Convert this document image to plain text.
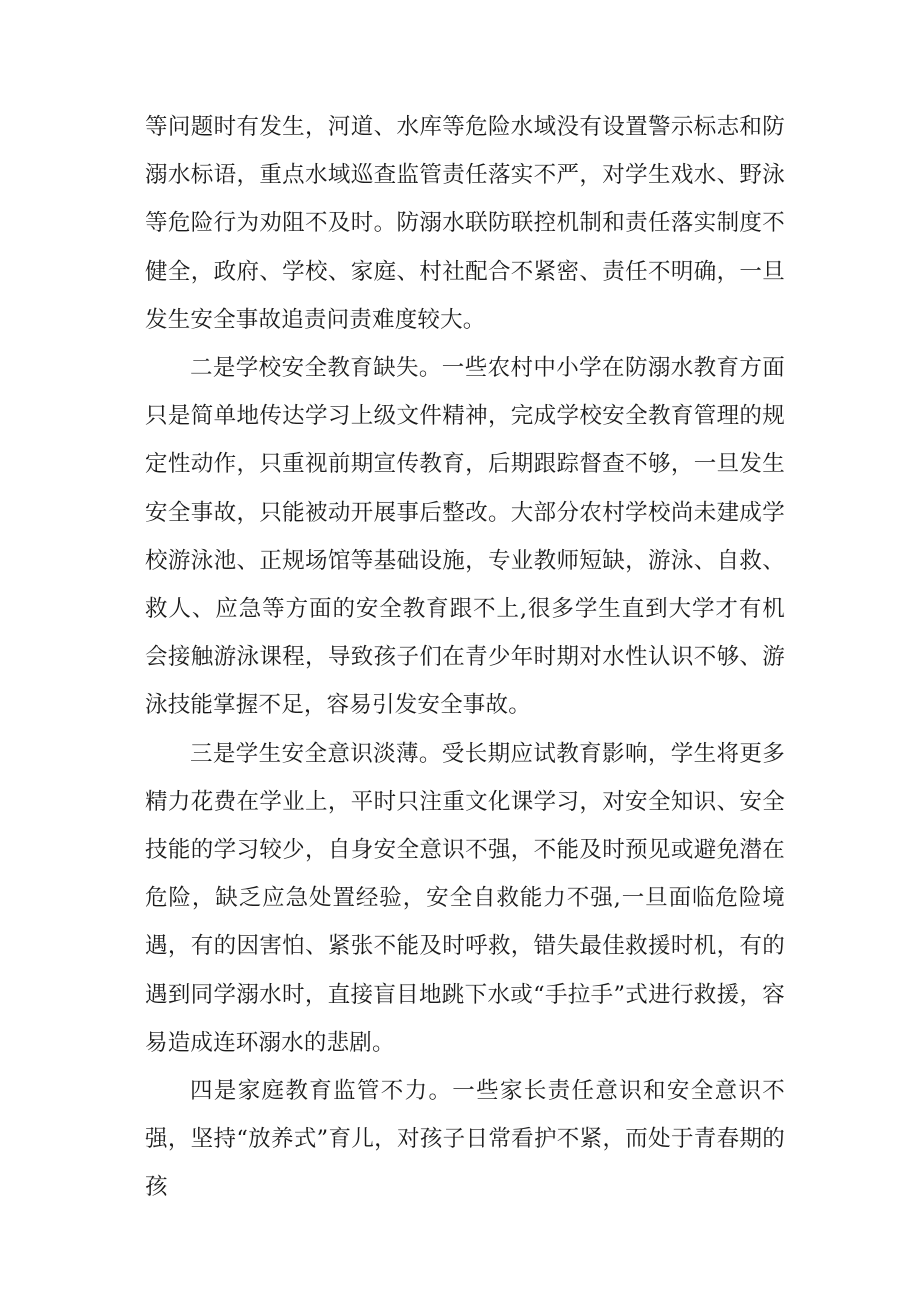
等问题时有发生，河道、水库等危险水域没有设置警示标志和防溺水标语，重点水域巡查监管责任落实不严，对学生戏水、野泳等危险行为劝阻不及时。防溺水联防联控机制和责任落实制度不健全，政府、学校、家庭、村社配合不紧密、责任不明确，一旦发生安全事故追责问责难度较大。

二是学校安全教育缺失。一些农村中小学在防溺水教育方面只是简单地传达学习上级文件精神，完成学校安全教育管理的规定性动作，只重视前期宣传教育，后期跟踪督查不够，一旦发生安全事故，只能被动开展事后整改。大部分农村学校尚未建成学校游泳池、正规场馆等基础设施，专业教师短缺，游泳、自救、救人、应急等方面的安全教育跟不上,很多学生直到大学才有机会接触游泳课程，导致孩子们在青少年时期对水性认识不够、游泳技能掌握不足，容易引发安全事故。

三是学生安全意识淡薄。受长期应试教育影响，学生将更多精力花费在学业上，平时只注重文化课学习，对安全知识、安全技能的学习较少，自身安全意识不强，不能及时预见或避免潜在危险，缺乏应急处置经验，安全自救能力不强,一旦面临危险境遇，有的因害怕、紧张不能及时呼救，错失最佳救援时机，有的遇到同学溺水时，直接盲目地跳下水或“手拉手”式进行救援，容易造成连环溺水的悲剧。

四是家庭教育监管不力。一些家长责任意识和安全意识不强，坚持“放养式”育儿，对孩子日常看护不紧，而处于青春期的孩
